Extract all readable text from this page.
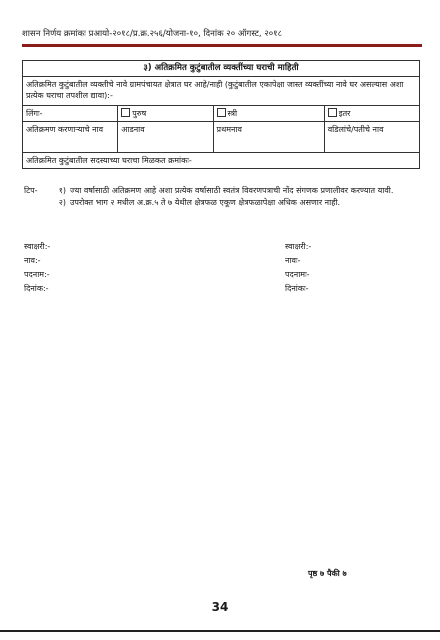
शासन निर्णय क्रमांकः प्रआयो-२०१८/प्र.क्र.२५६/योजना-१०, दिनांक २० ऑगस्ट, २०१८
३) अतिक्रमित कुटुंबातील व्यक्तींच्या घराची माहिती			
अतिक्रमित कुटुंबातील व्यक्तीचे नावे ग्रामपंचायत क्षेत्रात घर आहे/नाही (कुटुंबातील एकापेक्षा जास्त व्यक्तींच्या नावे घर असल्यास अशा प्रत्येक घराचा तपशील द्यावा):-			
लिंगः-	पुरुष	स्त्री	इतर
अतिक्रमण करणाऱ्याचे नाव	आडनाव	प्रथमनाव	वडिलांचे/पतीचे नाव
अतिक्रमित कुटुंबातील सदस्याच्या घराचा मिळकत क्रमांकः-			
टिप-	१) ज्या वर्षासाठी अतिक्रमण आहे अशा प्रत्येक वर्षासाठी स्वतंत्र विवरणपत्राची नोंद संगणक प्रणालीवर करण्यात यावी.
२) उपरोक्त भाग २ मधील अ.क्र.५ ते ७ येथील क्षेत्रफळ एकूण क्षेत्रफळापेक्षा अधिक असणार नाही.
स्वाक्षरी:-
नाव:-
पदनाम:-
दिनांक:-
स्वाक्षरी:-
नावः-
पदनामः-
दिनांकः-
पृष्ठ ७ पैकी ७
34
